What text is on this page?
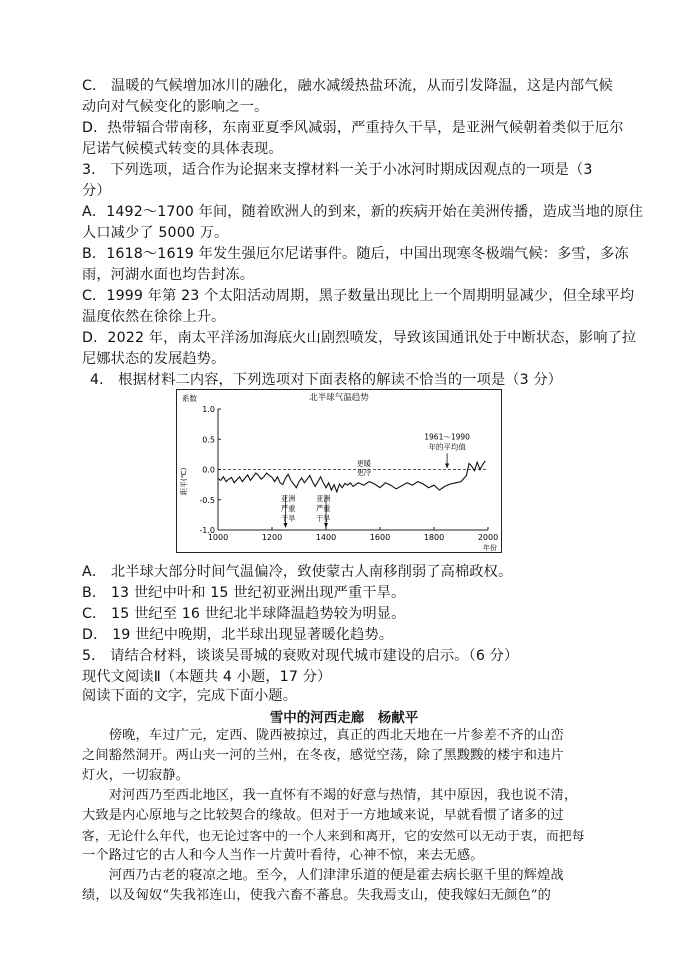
C． 温暖的气候增加冰川的融化，融水减缓热盐环流，从而引发降温，这是内部气候
动向对气候变化的影响之一。
D．热带辐合带南移，东南亚夏季风减弱，严重持久干旱，是亚洲气候朝着类似于厄尔
尼诺气候模式转变的具体表现。
3． 下列选项，适合作为论据来支撑材料一关于小冰河时期成因观点的一项是（3
分）
A．1492～1700 年间，随着欧洲人的到来，新的疾病开始在美洲传播，造成当地的原住
人口减少了 5000 万。
B．1618～1619 年发生强厄尔尼诺事件。随后，中国出现寒冬极端气候：多雪，多冻
雨，河湖水面也均告封冻。
C．1999 年第 23 个太阳活动周期，黑子数量出现比上一个周期明显减少，但全球平均
温度依然在徐徐上升。
D．2022 年，南太平洋汤加海底火山剧烈喷发，导致该国通讯处于中断状态，影响了拉
尼娜状态的发展趋势。
4． 根据材料二内容，下列选项对下面表格的解读不恰当的一项是（3 分）
北半球气温趋势
系数
距平(℃)
年份
1.0
0.5
0.0
-0.5
-1.0
1000	1200	1400	1600	1800	2000
1961～1990
年的平均值
更暖
更冷
亚洲
严重
干旱
亚洲
严重
干旱
A． 北半球大部分时间气温偏冷，致使蒙古人南移削弱了高棉政权。
B． 13 世纪中叶和 15 世纪初亚洲出现严重干旱。
C． 15 世纪至 16 世纪北半球降温趋势较为明显。
D． 19 世纪中晚期，北半球出现显著暖化趋势。
5． 请结合材料，谈谈吴哥城的衰败对现代城市建设的启示。（6 分）
现代文阅读Ⅱ（本题共 4 小题，17 分）
阅读下面的文字，完成下面小题。
雪中的河西走廊　杨献平
　　傍晚，车过广元，定西、陇西被掠过，真正的西北天地在一片参差不齐的山峦
之间豁然洞开。两山夹一河的兰州，在冬夜，感觉空荡，除了黑黢黢的楼宇和违片
灯火，一切寂静。
　　对河西乃至西北地区，我一直怀有不竭的好意与热情，其中原因，我也说不清，
大致是内心原地与之比较契合的缘故。但对于一方地域来说，早就看惯了诸多的过
客，无论什么年代，也无论过客中的一个人来到和离开，它的安然可以无动于衷，而把每
一个路过它的古人和今人当作一片黄叶看待，心神不惊，来去无感。
　　河西乃古老的寝凉之地。至今，人们津津乐道的便是霍去病长驱千里的辉煌战
绩，以及匈奴“失我祁连山，使我六畜不蕃息。失我焉支山，使我嫁妇无颜色”的
